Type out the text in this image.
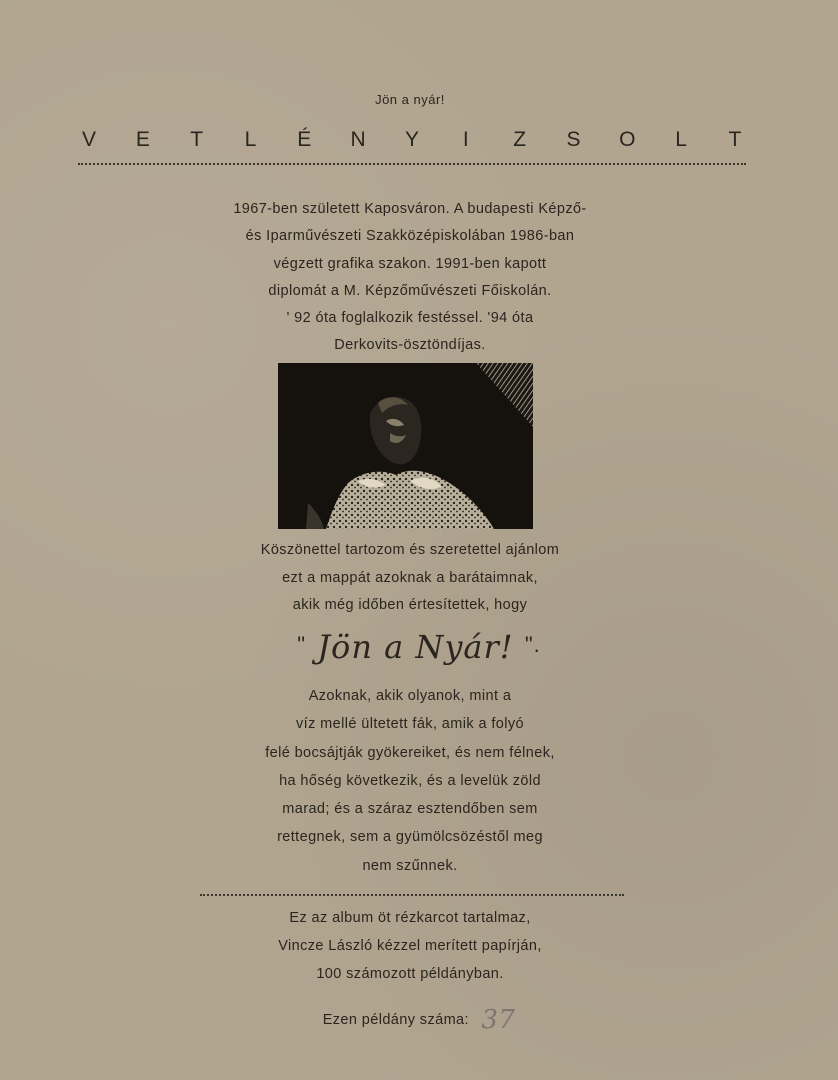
Jön a nyár!
V E T L É N Y	I	Z S O L T
1967-ben született Kaposváron. A budapesti Képző-
és Iparművészeti Szakközépiskolában 1986-ban
végzett grafika szakon. 1991-ben kapott
diplomát a M. Képzőművészeti Főiskolán.
' 92 óta foglalkozik festéssel. '94 óta
Derkovits-ösztöndíjas.
Köszönettel tartozom és szeretettel ajánlom
ezt a mappát azoknak a barátaimnak,
akik még időben értesítettek, hogy
" Jön a Nyár! ".
Azoknak, akik olyanok, mint a
víz mellé ültetett fák, amik a folyó
felé bocsájtják gyökereiket, és nem félnek,
ha hőség következik, és a levelük zöld
marad; és a száraz esztendőben sem
rettegnek, sem a gyümölcsözéstől meg
nem szűnnek.
Ez az album öt rézkarcot tartalmaz,
Vincze László kézzel merített papírján,
100 számozott példányban.
Ezen példány száma: 37
